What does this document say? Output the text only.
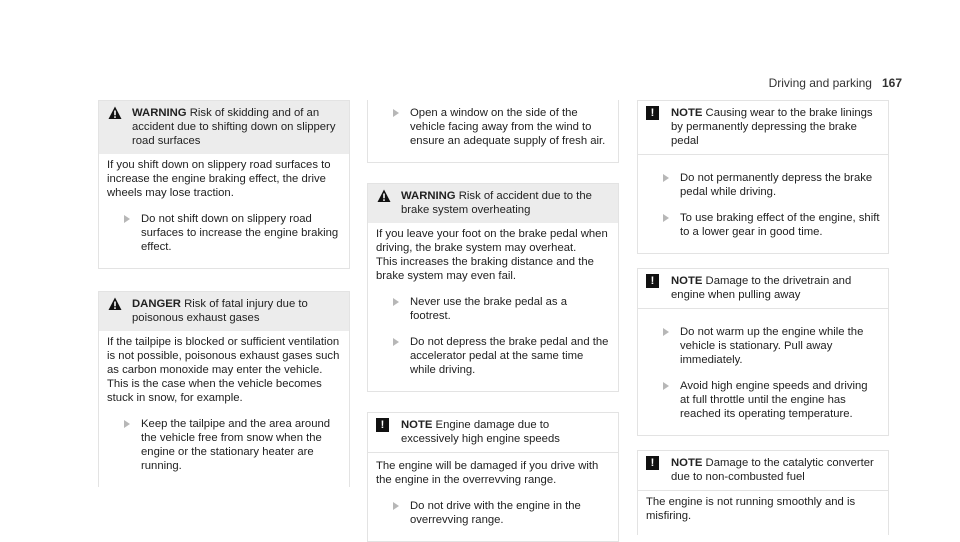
Driving and parking 167
WARNING Risk of skidding and of an accident due to shifting down on slippery road surfaces

If you shift down on slippery road surfaces to increase the engine braking effect, the drive wheels may lose traction.

Do not shift down on slippery road surfaces to increase the engine braking effect.
DANGER Risk of fatal injury due to poisonous exhaust gases

If the tailpipe is blocked or sufficient ventilation is not possible, poisonous exhaust gases such as carbon monoxide may enter the vehicle. This is the case when the vehicle becomes stuck in snow, for example.

Keep the tailpipe and the area around the vehicle free from snow when the engine or the stationary heater are running.
Open a window on the side of the vehicle facing away from the wind to ensure an adequate supply of fresh air.
WARNING Risk of accident due to the brake system overheating

If you leave your foot on the brake pedal when driving, the brake system may overheat.

This increases the braking distance and the brake system may even fail.

Never use the brake pedal as a footrest.
Do not depress the brake pedal and the accelerator pedal at the same time while driving.
!	NOTE Engine damage due to excessively high engine speeds

The engine will be damaged if you drive with the engine in the overrevving range.

Do not drive with the engine in the overrevving range.
!	NOTE Causing wear to the brake linings by permanently depressing the brake pedal
Do not permanently depress the brake pedal while driving.
To use braking effect of the engine, shift to a lower gear in good time.
!	NOTE Damage to the drivetrain and engine when pulling away
Do not warm up the engine while the vehicle is stationary. Pull away immediately.
Avoid high engine speeds and driving at full throttle until the engine has reached its operating temperature.
!	NOTE Damage to the catalytic converter due to non-combusted fuel

The engine is not running smoothly and is misfiring.
